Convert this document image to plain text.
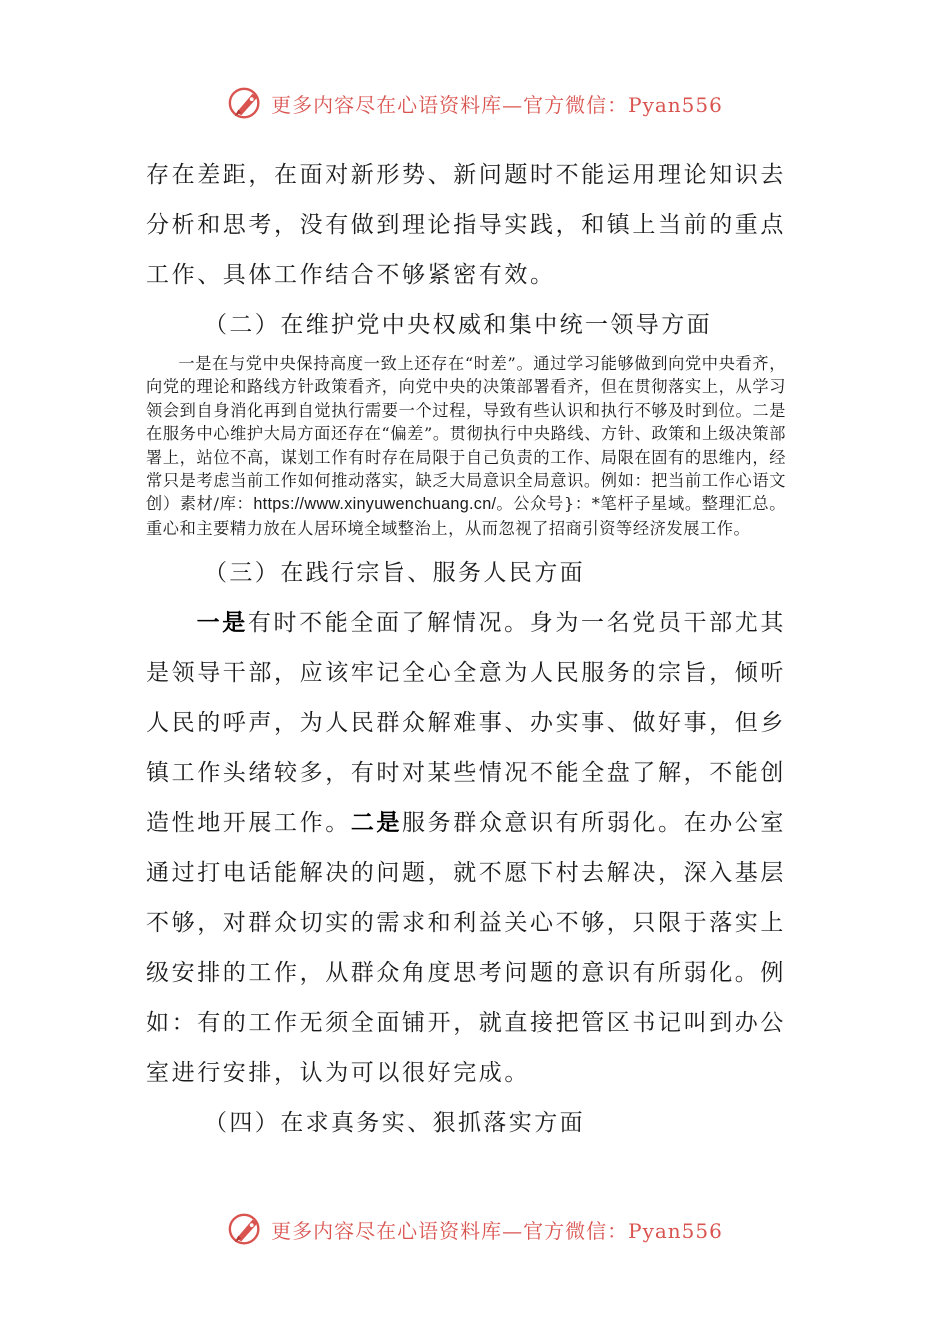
更多内容尽在心语资料库—官方微信：Pyan556

存在差距，在面对新形势、新问题时不能运用理论知识去
分析和思考，没有做到理论指导实践，和镇上当前的重点
工作、具体工作结合不够紧密有效。

（二）在维护党中央权威和集中统一领导方面

一是在与党中央保持高度一致上还存在“时差”。通过学习能够做到向党中央看齐，向党的理论和路线方针政策看齐，向党中央的决策部署看齐，但在贯彻落实上，从学习领会到自身消化再到自觉执行需要一个过程，导致有些认识和执行不够及时到位。二是在服务中心维护大局方面还存在“偏差”。贯彻执行中央路线、方针、政策和上级决策部署上，站位不高，谋划工作有时存在局限于自己负责的工作、局限在固有的思维内，经常只是考虑当前工作如何推动落实，缺乏大局意识全局意识。例如：把当前工作心语文创）素材/库：https://www.xinyuwenchuang.cn/。公众号}：*笔杆子星域。整理汇总。重心和主要精力放在人居环境全域整治上，从而忽视了招商引资等经济发展工作。

（三）在践行宗旨、服务人民方面

一是有时不能全面了解情况。身为一名党员干部尤其是领导干部，应该牢记全心全意为人民服务的宗旨，倾听人民的呼声，为人民群众解难事、办实事、做好事，但乡镇工作头绪较多，有时对某些情况不能全盘了解，不能创造性地开展工作。二是服务群众意识有所弱化。在办公室通过打电话能解决的问题，就不愿下村去解决，深入基层不够，对群众切实的需求和利益关心不够，只限于落实上级安排的工作，从群众角度思考问题的意识有所弱化。例如：有的工作无须全面铺开，就直接把管区书记叫到办公室进行安排，认为可以很好完成。

（四）在求真务实、狠抓落实方面

更多内容尽在心语资料库—官方微信：Pyan556
